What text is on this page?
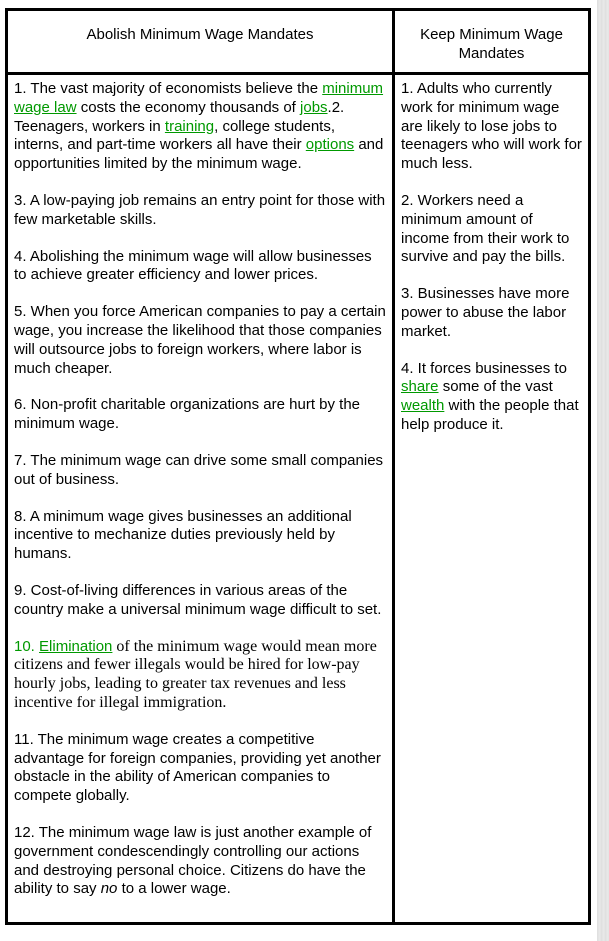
Abolish Minimum Wage Mandates	Keep Minimum Wage Mandates

1. The vast majority of economists believe the minimum wage law costs the economy thousands of jobs.2. Teenagers, workers in training, college students, interns, and part-time workers all have their options and opportunities limited by the minimum wage.

3. A low-paying job remains an entry point for those with few marketable skills.

4. Abolishing the minimum wage will allow businesses to achieve greater efficiency and lower prices.

5. When you force American companies to pay a certain wage, you increase the likelihood that those companies will outsource jobs to foreign workers, where labor is much cheaper.

6. Non-profit charitable organizations are hurt by the minimum wage.

7. The minimum wage can drive some small companies out of business.

8. A minimum wage gives businesses an additional incentive to mechanize duties previously held by humans.

9. Cost-of-living differences in various areas of the country make a universal minimum wage difficult to set.

10. Elimination of the minimum wage would mean more citizens and fewer illegals would be hired for low-pay hourly jobs, leading to greater tax revenues and less incentive for illegal immigration.

11. The minimum wage creates a competitive advantage for foreign companies, providing yet another obstacle in the ability of American companies to compete globally.

12. The minimum wage law is just another example of government condescendingly controlling our actions and destroying personal choice. Citizens do have the ability to say no to a lower wage.

1. Adults who currently work for minimum wage are likely to lose jobs to teenagers who will work for much less.

2. Workers need a minimum amount of income from their work to survive and pay the bills.

3. Businesses have more power to abuse the labor market.

4. It forces businesses to share some of the vast wealth with the people that help produce it.
